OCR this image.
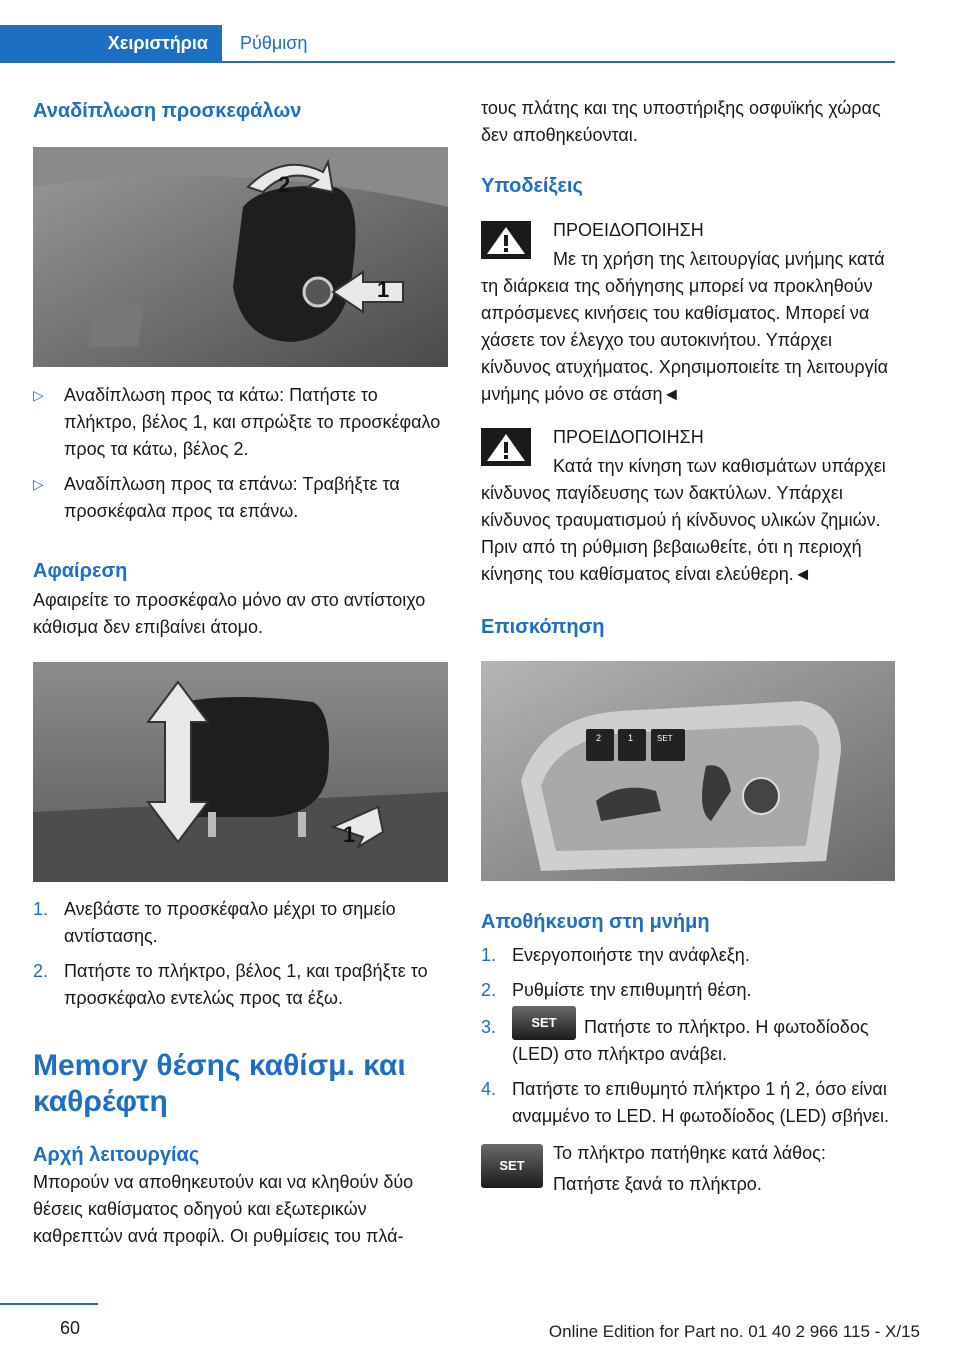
Χειριστήρια	Ρύθμιση
Αναδίπλωση προσκεφάλων
1
2
▷ Αναδίπλωση προς τα κάτω: Πατήστε το πλήκτρο, βέλος 1, και σπρώξτε το προσκέφαλο προς τα κάτω, βέλος 2.
▷ Αναδίπλωση προς τα επάνω: Τραβήξτε τα προσκέφαλα προς τα επάνω.
Αφαίρεση

Αφαιρείτε το προσκέφαλο μόνο αν στο αντίστοιχο κάθισμα δεν επιβαίνει άτομο.

1
1. Ανεβάστε το προσκέφαλο μέχρι το σημείο αντίστασης.
2. Πατήστε το πλήκτρο, βέλος 1, και τραβήξτε το προσκέφαλο εντελώς προς τα έξω.
Memory θέσης καθίσμ. και καθρέφτη
Αρχή λειτουργίας

Μπορούν να αποθηκευτούν και να κληθούν δύο θέσεις καθίσματος οδηγού και εξωτερικών καθρεπτών ανά προφίλ. Οι ρυθμίσεις του πλά-

τους πλάτης και της υποστήριξης οσφυϊκής χώρας δεν αποθηκεύονται.

Υποδείξεις

ΠΡΟΕΙΔΟΠΟΙΗΣΗ

Με τη χρήση της λειτουργίας μνήμης κατά τη διάρκεια της οδήγησης μπορεί να προκληθούν απρόσμενες κινήσεις του καθίσματος. Μπορεί να χάσετε τον έλεγχο του αυτοκινήτου. Υπάρχει κίνδυνος ατυχήματος. Χρησιμοποιείτε τη λειτουργία μνήμης μόνο σε στάση◄

ΠΡΟΕΙΔΟΠΟΙΗΣΗ

Κατά την κίνηση των καθισμάτων υπάρχει κίνδυνος παγίδευσης των δακτύλων. Υπάρχει κίνδυνος τραυματισμού ή κίνδυνος υλικών ζημιών. Πριν από τη ρύθμιση βεβαιωθείτε, ότι η περιοχή κίνησης του καθίσματος είναι ελεύθερη.◄

Επισκόπηση
2	1	SET
Αποθήκευση στη μνήμη
1. Ενεργοποιήστε την ανάφλεξη.
2. Ρυθμίστε την επιθυμητή θέση.
3.	SET Πατήστε το πλήκτρο. Η φωτοδίοδος (LED) στο πλήκτρο ανάβει.
4. Πατήστε το επιθυμητό πλήκτρο 1 ή 2, όσο είναι αναμμένο το LED. Η φωτοδίοδος (LED) σβήνει.
SET

Το πλήκτρο πατήθηκε κατά λάθος:

Πατήστε ξανά το πλήκτρο.

60	Online Edition for Part no. 01 40 2 966 115 - X/15
